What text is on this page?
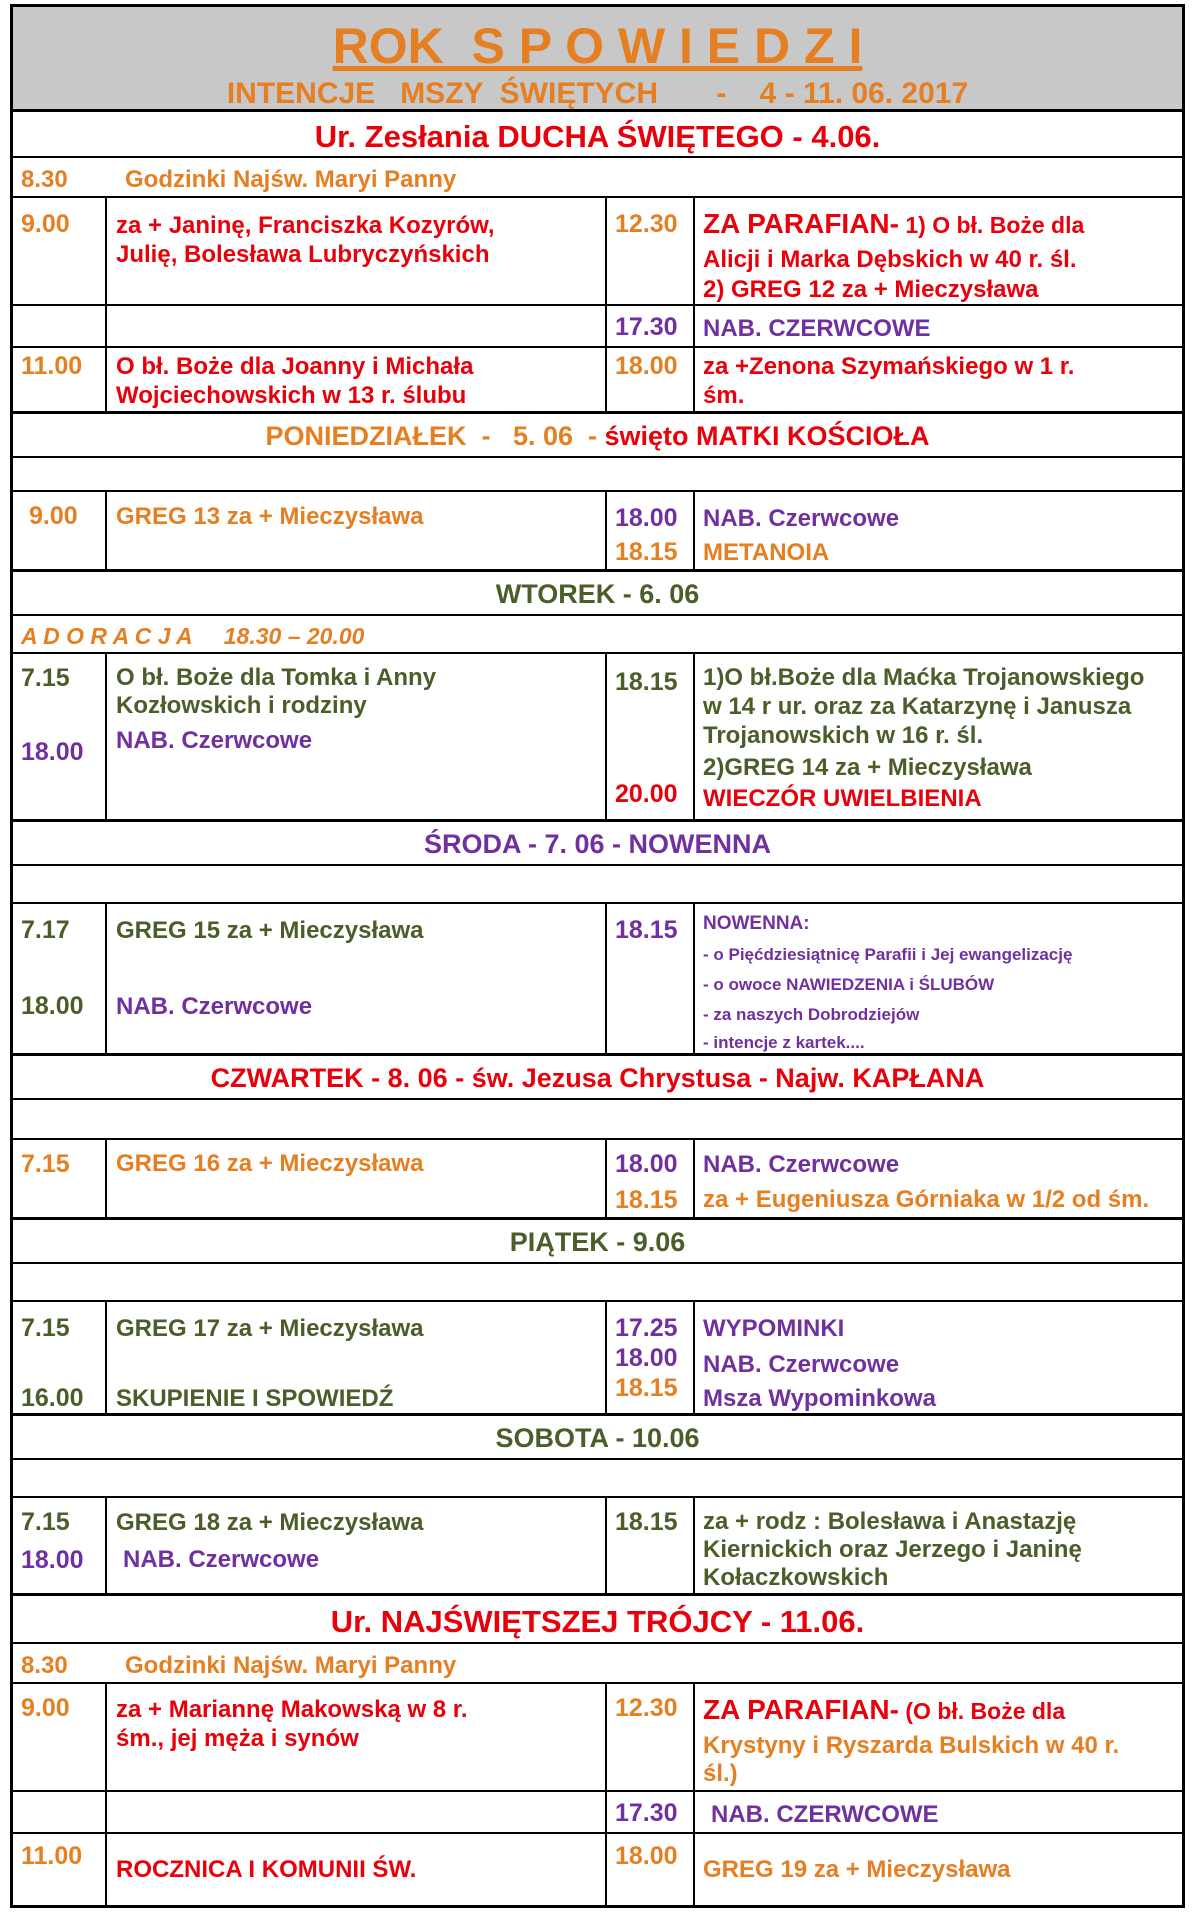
ROK  S P O W I E D Z I
INTENCJE   MSZY  ŚWIĘTYCH       -    4 - 11. 06. 2017
Ur. Zesłania DUCHA ŚWIĘTEGO - 4.06.
8.30 Godzinki Najśw. Maryi Panny
9.00 za + Janinę, Franciszka Kozyrów,
Julię, Bolesława Lubryczyńskich
12.30 ZA PARAFIAN- 1) O bł. Boże dla
Alicji i Marka Dębskich w 40 r. śl.
2) GREG 12 za + Mieczysława
17.30 NAB. CZERWCOWE
11.00 O bł. Boże dla Joanny i Michała
Wojciechowskich w 13 r. ślubu
18.00 za +Zenona Szymańskiego w 1 r.
śm.
PONIEDZIAŁEK  -   5. 06  - święto MATKI KOŚCIOŁA
9.00 GREG 13 za + Mieczysława	18.00 NAB. Czerwcowe
18.15 METANOIA
WTOREK - 6. 06
A D O R A C J A     18.30 – 20.00
7.15 O bł. Boże dla Tomka i Anny
Kozłowskich i rodziny
18.00 NAB. Czerwcowe
18.15 1)O bł.Boże dla Maćka Trojanowskiego
w 14 r ur. oraz za Katarzynę i Janusza
Trojanowskich w 16 r. śl.
2)GREG 14 za + Mieczysława
20.00 WIECZÓR UWIELBIENIA
ŚRODA - 7. 06 - NOWENNA
7.17 GREG 15 za + Mieczysława
18.00 NAB. Czerwcowe
18.15 NOWENNA:
- o Pięćdziesiątnicę Parafii i Jej ewangelizację
- o owoce NAWIEDZENIA i ŚLUBÓW
- za naszych Dobrodziejów
- intencje z kartek....
CZWARTEK - 8. 06 - św. Jezusa Chrystusa - Najw. KAPŁANA
7.15 GREG 16 za + Mieczysława	18.00 NAB. Czerwcowe
18.15 za + Eugeniusza Górniaka w 1/2 od śm.
PIĄTEK - 9.06
7.15 GREG 17 za + Mieczysława
16.00 SKUPIENIE I SPOWIEDŹ
17.25 WYPOMINKI
18.00 NAB. Czerwcowe
18.15 Msza Wypominkowa
SOBOTA - 10.06
7.15 GREG 18 za + Mieczysława
18.00 NAB. Czerwcowe
18.15 za + rodz : Bolesława i Anastazję
Kiernickich oraz Jerzego i Janinę
Kołaczkowskich
Ur. NAJŚWIĘTSZEJ TRÓJCY - 11.06.
8.30 Godzinki Najśw. Maryi Panny
9.00 za + Mariannę Makowską w 8 r.
śm., jej męża i synów
12.30 ZA PARAFIAN- (O bł. Boże dla
Krystyny i Ryszarda Bulskich w 40 r.
śl.)
17.30 NAB. CZERWCOWE
11.00 ROCZNICA I KOMUNII ŚW.	18.00 GREG 19 za + Mieczysława
